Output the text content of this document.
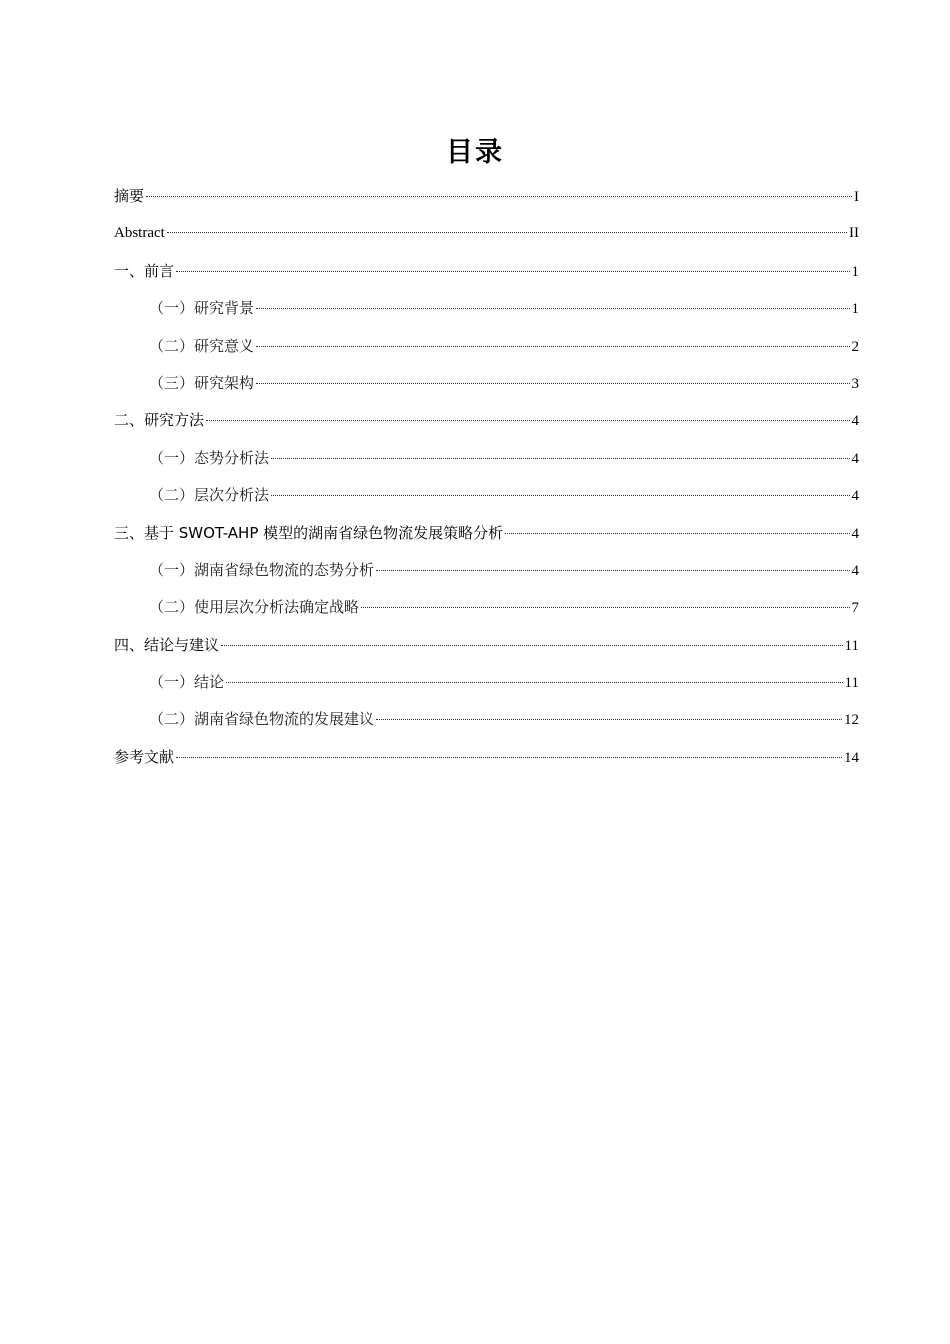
目录
摘要	I
Abstract	II
一、前言	1
（一）研究背景	1
（二）研究意义	2
（三）研究架构	3
二、研究方法	4
（一）态势分析法	4
（二）层次分析法	4
三、基于 SWOT-AHP 模型的湖南省绿色物流发展策略分析	4
（一）湖南省绿色物流的态势分析	4
（二）使用层次分析法确定战略	7
四、结论与建议	11
（一）结论	11
（二）湖南省绿色物流的发展建议	12
参考文献	14
